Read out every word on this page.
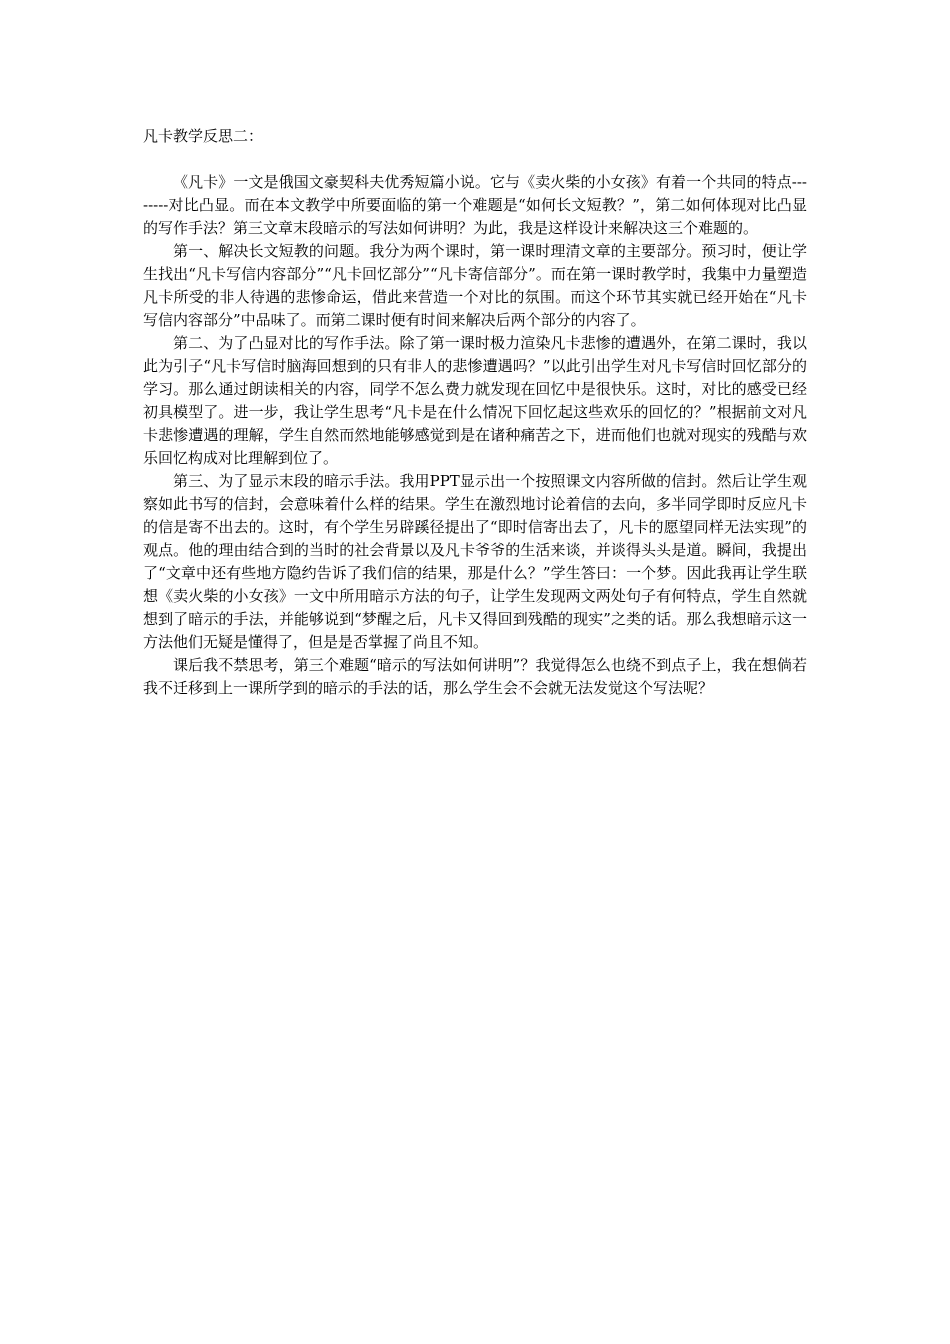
凡卡教学反思二：

《凡卡》一文是俄国文豪契科夫优秀短篇小说。它与《卖火柴的小女孩》有着一个共同的特点--------对比凸显。而在本文教学中所要面临的第一个难题是“如何长文短教？”，第二如何体现对比凸显的写作手法？第三文章末段暗示的写法如何讲明？为此，我是这样设计来解决这三个难题的。

第一、解决长文短教的问题。我分为两个课时，第一课时理清文章的主要部分。预习时，便让学生找出“凡卡写信内容部分”“凡卡回忆部分”“凡卡寄信部分”。而在第一课时教学时，我集中力量塑造凡卡所受的非人待遇的悲惨命运，借此来营造一个对比的氛围。而这个环节其实就已经开始在“凡卡写信内容部分”中品味了。而第二课时便有时间来解决后两个部分的内容了。

第二、为了凸显对比的写作手法。除了第一课时极力渲染凡卡悲惨的遭遇外，在第二课时，我以此为引子“凡卡写信时脑海回想到的只有非人的悲惨遭遇吗？”以此引出学生对凡卡写信时回忆部分的学习。那么通过朗读相关的内容，同学不怎么费力就发现在回忆中是很快乐。这时，对比的感受已经初具模型了。进一步，我让学生思考“凡卡是在什么情况下回忆起这些欢乐的回忆的？”根据前文对凡卡悲惨遭遇的理解，学生自然而然地能够感觉到是在诸种痛苦之下，进而他们也就对现实的残酷与欢乐回忆构成对比理解到位了。

第三、为了显示末段的暗示手法。我用PPT显示出一个按照课文内容所做的信封。然后让学生观察如此书写的信封，会意味着什么样的结果。学生在激烈地讨论着信的去向，多半同学即时反应凡卡的信是寄不出去的。这时，有个学生另辟蹊径提出了“即时信寄出去了，凡卡的愿望同样无法实现”的观点。他的理由结合到的当时的社会背景以及凡卡爷爷的生活来谈，并谈得头头是道。瞬间，我提出了“文章中还有些地方隐约告诉了我们信的结果，那是什么？”学生答曰：一个梦。因此我再让学生联想《卖火柴的小女孩》一文中所用暗示方法的句子，让学生发现两文两处句子有何特点，学生自然就想到了暗示的手法，并能够说到“梦醒之后，凡卡又得回到残酷的现实”之类的话。那么我想暗示这一方法他们无疑是懂得了，但是是否掌握了尚且不知。

课后我不禁思考，第三个难题“暗示的写法如何讲明”？我觉得怎么也绕不到点子上，我在想倘若我不迁移到上一课所学到的暗示的手法的话，那么学生会不会就无法发觉这个写法呢？
